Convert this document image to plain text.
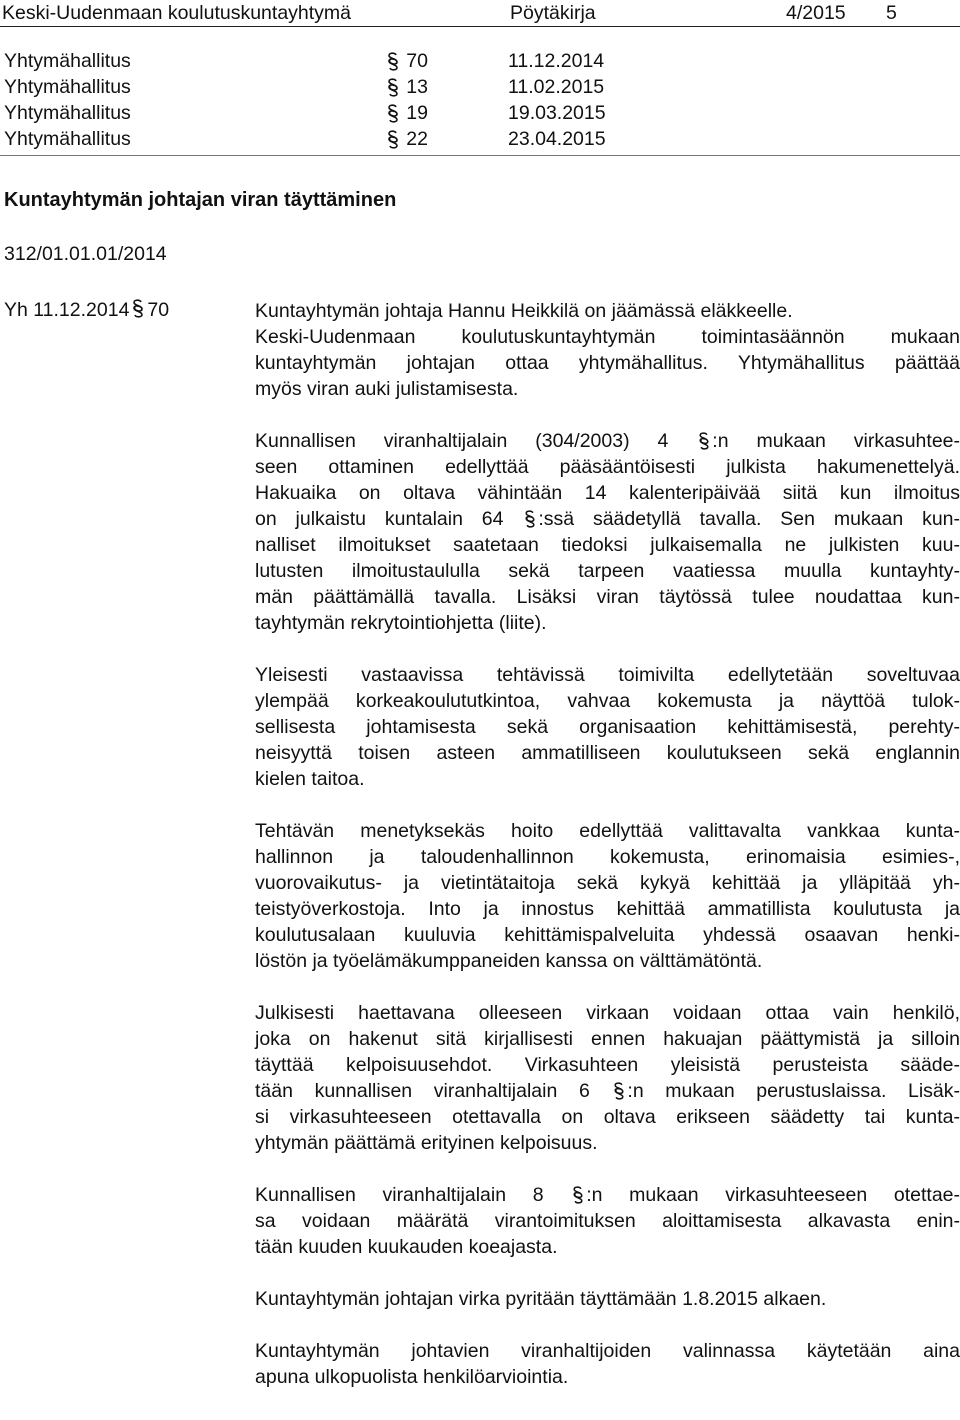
Keski-Uudenmaan koulutuskuntayhtymä	Pöytäkirja	4/2015 5
Yhtymähallitus	70	11.12.2014
Yhtymähallitus	13	11.02.2015
Yhtymähallitus	19	19.03.2015
Yhtymähallitus	22	23.04.2015
Kuntayhtymän johtajan viran täyttäminen
312/01.01.01/2014
Yh 11.12.2014 70	Kuntayhtymän johtaja Hannu Heikkilä on jäämässä eläkkeelle.
Keski-Uudenmaan koulutuskuntayhtymän toimintasäännön mukaan
kuntayhtymän johtajan ottaa yhtymähallitus. Yhtymähallitus päättää
myös viran auki julistamisesta.
Kunnallisen viranhaltijalain (304/2003) 4 :n mukaan virkasuhtee-
seen ottaminen edellyttää pääsääntöisesti julkista hakumenettelyä.
Hakuaika on oltava vähintään 14 kalenteripäivää siitä kun ilmoitus
on julkaistu kuntalain 64 :ssä säädetyllä tavalla. Sen mukaan kun-
nalliset ilmoitukset saatetaan tiedoksi julkaisemalla ne julkisten kuu-
lutusten ilmoitustaululla sekä tarpeen vaatiessa muulla kuntayhty-
män päättämällä tavalla. Lisäksi viran täytössä tulee noudattaa kun-
tayhtymän rekrytointiohjetta (liite).
Yleisesti vastaavissa tehtävissä toimivilta edellytetään soveltuvaa
ylempää korkeakoulututkintoa, vahvaa kokemusta ja näyttöä tulok-
sellisesta johtamisesta sekä organisaation kehittämisestä, perehty-
neisyyttä toisen asteen ammatilliseen koulutukseen sekä englannin
kielen taitoa.
Tehtävän menetyksekäs hoito edellyttää valittavalta vankkaa kunta-
hallinnon ja taloudenhallinnon kokemusta, erinomaisia esimies-,
vuorovaikutus- ja vietintätaitoja sekä kykyä kehittää ja ylläpitää yh-
teistyöverkostoja. Into ja innostus kehittää ammatillista koulutusta ja
koulutusalaan kuuluvia kehittämispalveluita yhdessä osaavan henki-
löstön ja työelämäkumppaneiden kanssa on välttämätöntä.
Julkisesti haettavana olleeseen virkaan voidaan ottaa vain henkilö,
joka on hakenut sitä kirjallisesti ennen hakuajan päättymistä ja silloin
täyttää kelpoisuusehdot. Virkasuhteen yleisistä perusteista sääde-
tään kunnallisen viranhaltijalain 6 :n mukaan perustuslaissa. Lisäk-
si virkasuhteeseen otettavalla on oltava erikseen säädetty tai kunta-
yhtymän päättämä erityinen kelpoisuus.
Kunnallisen viranhaltijalain 8 :n mukaan virkasuhteeseen otettae-
sa voidaan määrätä virantoimituksen aloittamisesta alkavasta enin-
tään kuuden kuukauden koeajasta.
Kuntayhtymän johtajan virka pyritään täyttämään 1.8.2015 alkaen.
Kuntayhtymän johtavien viranhaltijoiden valinnassa käytetään aina
apuna ulkopuolista henkilöarviointia.
